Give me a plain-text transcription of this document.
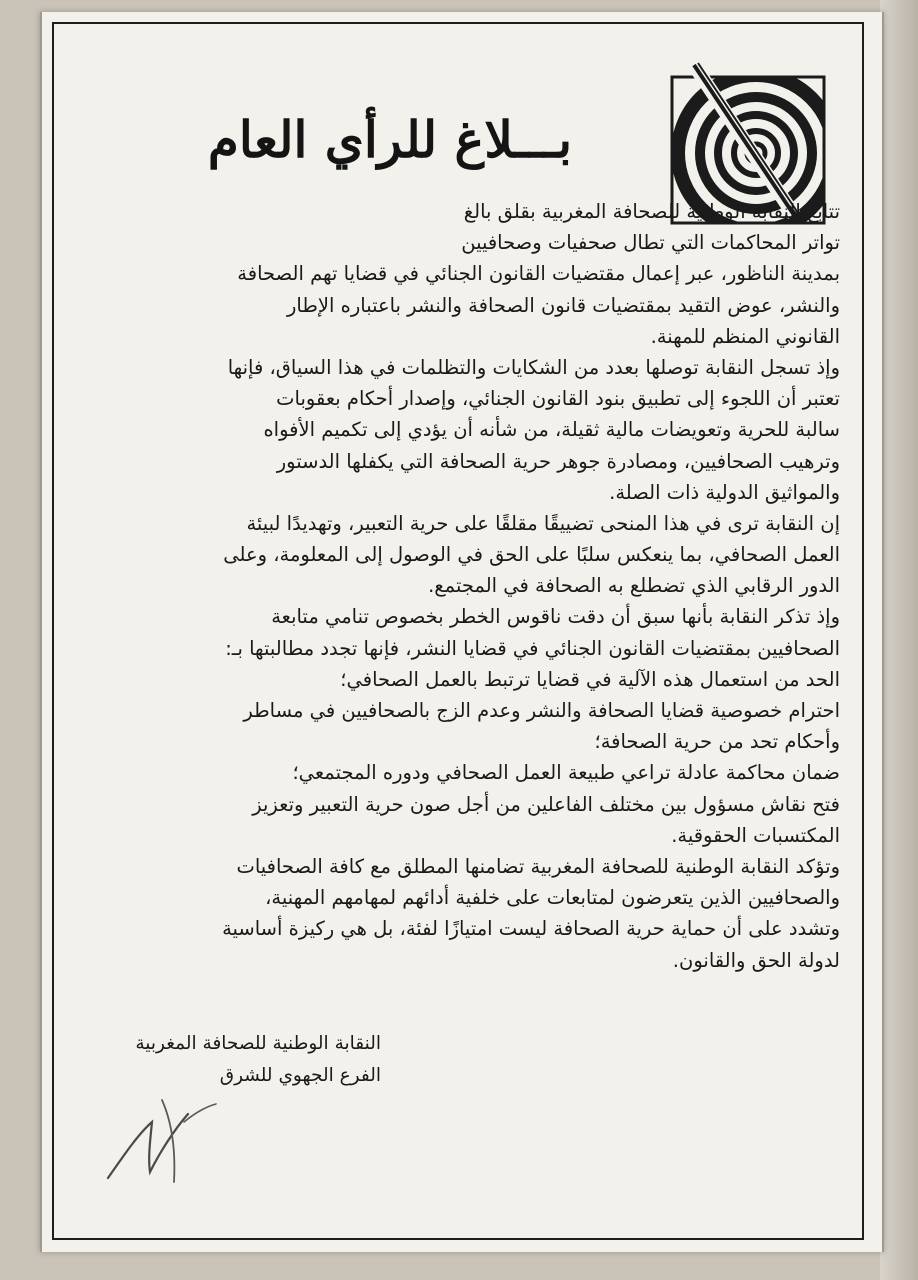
بـــلاغ للرأي العام
تتابع النقابة الوطنية للصحافة المغربية بقلق بالغ
تواتر المحاكمات التي تطال صحفيات وصحافيين
بمدينة الناظور، عبر إعمال مقتضيات القانون الجنائي في قضايا تهم الصحافة
والنشر، عوض التقيد بمقتضيات قانون الصحافة والنشر باعتباره الإطار
القانوني المنظم للمهنة.
وإذ تسجل النقابة توصلها بعدد من الشكايات والتظلمات في هذا السياق، فإنها
تعتبر أن اللجوء إلى تطبيق بنود القانون الجنائي، وإصدار أحكام بعقوبات
سالبة للحرية وتعويضات مالية ثقيلة، من شأنه أن يؤدي إلى تكميم الأفواه
وترهيب الصحافيين، ومصادرة جوهر حرية الصحافة التي يكفلها الدستور
والمواثيق الدولية ذات الصلة.
إن النقابة ترى في هذا المنحى تضييقًا مقلقًا على حرية التعبير، وتهديدًا لبيئة
العمل الصحافي، بما ينعكس سلبًا على الحق في الوصول إلى المعلومة، وعلى
الدور الرقابي الذي تضطلع به الصحافة في المجتمع.
وإذ تذكر النقابة بأنها سبق أن دقت ناقوس الخطر بخصوص تنامي متابعة
الصحافيين بمقتضيات القانون الجنائي في قضايا النشر، فإنها تجدد مطالبتها بـ:
الحد من استعمال هذه الآلية في قضايا ترتبط بالعمل الصحافي؛
احترام خصوصية قضايا الصحافة والنشر وعدم الزج بالصحافيين في مساطر
وأحكام تحد من حرية الصحافة؛
ضمان محاكمة عادلة تراعي طبيعة العمل الصحافي ودوره المجتمعي؛
فتح نقاش مسؤول بين مختلف الفاعلين من أجل صون حرية التعبير وتعزيز
المكتسبات الحقوقية.
وتؤكد النقابة الوطنية للصحافة المغربية تضامنها المطلق مع كافة الصحافيات
والصحافيين الذين يتعرضون لمتابعات على خلفية أدائهم لمهامهم المهنية،
وتشدد على أن حماية حرية الصحافة ليست امتيازًا لفئة، بل هي ركيزة أساسية
لدولة الحق والقانون.
النقابة الوطنية للصحافة المغربية
الفرع الجهوي للشرق
